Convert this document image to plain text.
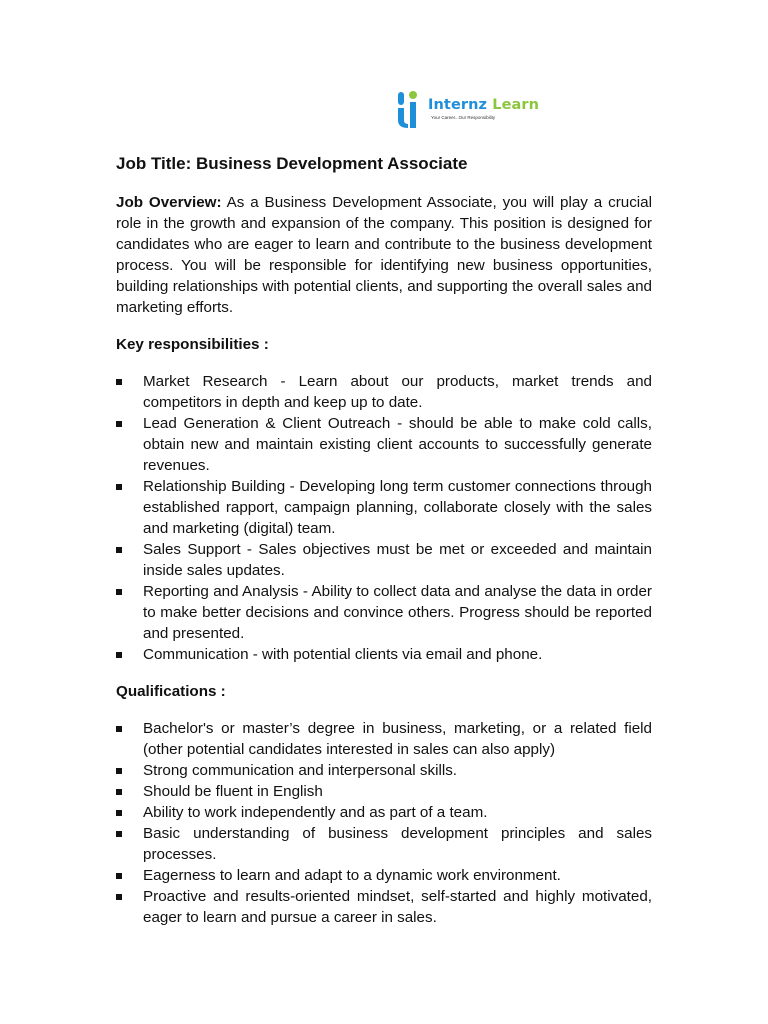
Internz Learn
Your Career...Our Responsibility
Job Title: Business Development Associate

Job Overview: As a Business Development Associate, you will play a crucial role in the growth and expansion of the company. This position is designed for candidates who are eager to learn and contribute to the business development process. You will be responsible for identifying new business opportunities, building relationships with potential clients, and supporting the overall sales and marketing efforts.

Key responsibilities :

Market Research - Learn about our products, market trends and competitors in depth and keep up to date.
Lead Generation & Client Outreach - should be able to make cold calls, obtain new and maintain existing client accounts to successfully generate revenues.
Relationship Building - Developing long term customer connections through established rapport, campaign planning, collaborate closely with the sales and marketing (digital) team.
Sales Support - Sales objectives must be met or exceeded and maintain inside sales updates.
Reporting and Analysis - Ability to collect data and analyse the data in order to make better decisions and convince others. Progress should be reported and presented.
Communication - with potential clients via email and phone.

Qualifications :

Bachelor's or master’s degree in business, marketing, or a related field (other potential candidates interested in sales can also apply)
Strong communication and interpersonal skills.
Should be fluent in English
Ability to work independently and as part of a team.
Basic understanding of business development principles and sales processes.
Eagerness to learn and adapt to a dynamic work environment.
Proactive and results-oriented mindset, self-started and highly motivated, eager to learn and pursue a career in sales.
